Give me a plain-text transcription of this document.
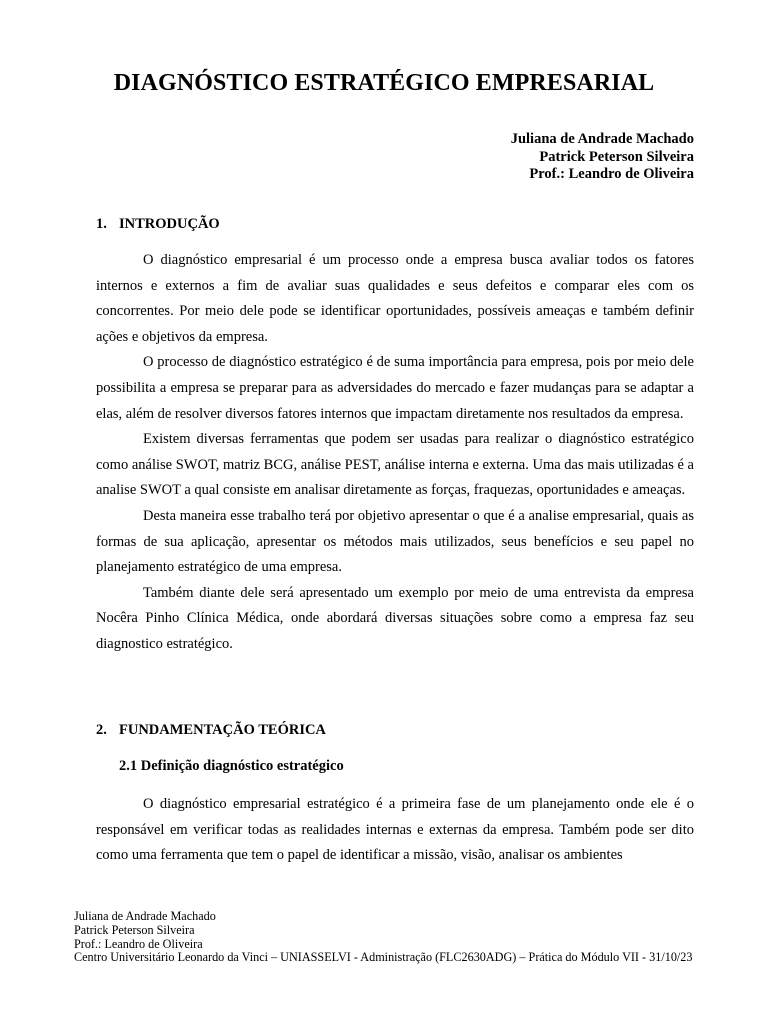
DIAGNÓSTICO ESTRATÉGICO EMPRESARIAL
Juliana de Andrade Machado
Patrick Peterson Silveira
Prof.: Leandro de Oliveira
1. INTRODUÇÃO

O diagnóstico empresarial é um processo onde a empresa busca avaliar todos os fatores internos e externos a fim de avaliar suas qualidades e seus defeitos e comparar eles com os concorrentes. Por meio dele pode se identificar oportunidades, possíveis ameaças e também definir ações e objetivos da empresa.

O processo de diagnóstico estratégico é de suma importância para empresa, pois por meio dele possibilita a empresa se preparar para as adversidades do mercado e fazer mudanças para se adaptar a elas, além de resolver diversos fatores internos que impactam diretamente nos resultados da empresa.

Existem diversas ferramentas que podem ser usadas para realizar o diagnóstico estratégico como análise SWOT, matriz BCG, análise PEST, análise interna e externa. Uma das mais utilizadas é a analise SWOT a qual consiste em analisar diretamente as forças, fraquezas, oportunidades e ameaças.

Desta maneira esse trabalho terá por objetivo apresentar o que é a analise empresarial, quais as formas de sua aplicação, apresentar os métodos mais utilizados, seus benefícios e seu papel no planejamento estratégico de uma empresa.

Também diante dele será apresentado um exemplo por meio de uma entrevista da empresa Nocêra Pinho Clínica Médica, onde abordará diversas situações sobre como a empresa faz seu diagnostico estratégico.

2. FUNDAMENTAÇÃO TEÓRICA
2.1 Definição diagnóstico estratégico

O diagnóstico empresarial estratégico é a primeira fase de um planejamento onde ele é o responsável em verificar todas as realidades internas e externas da empresa. Também pode ser dito como uma ferramenta que tem o papel de identificar a missão, visão, analisar os ambientes

Juliana de Andrade Machado
Patrick Peterson Silveira
Prof.: Leandro de Oliveira
Centro Universitário Leonardo da Vinci – UNIASSELVI - Administração (FLC2630ADG) – Prática do Módulo VII - 31/10/23
